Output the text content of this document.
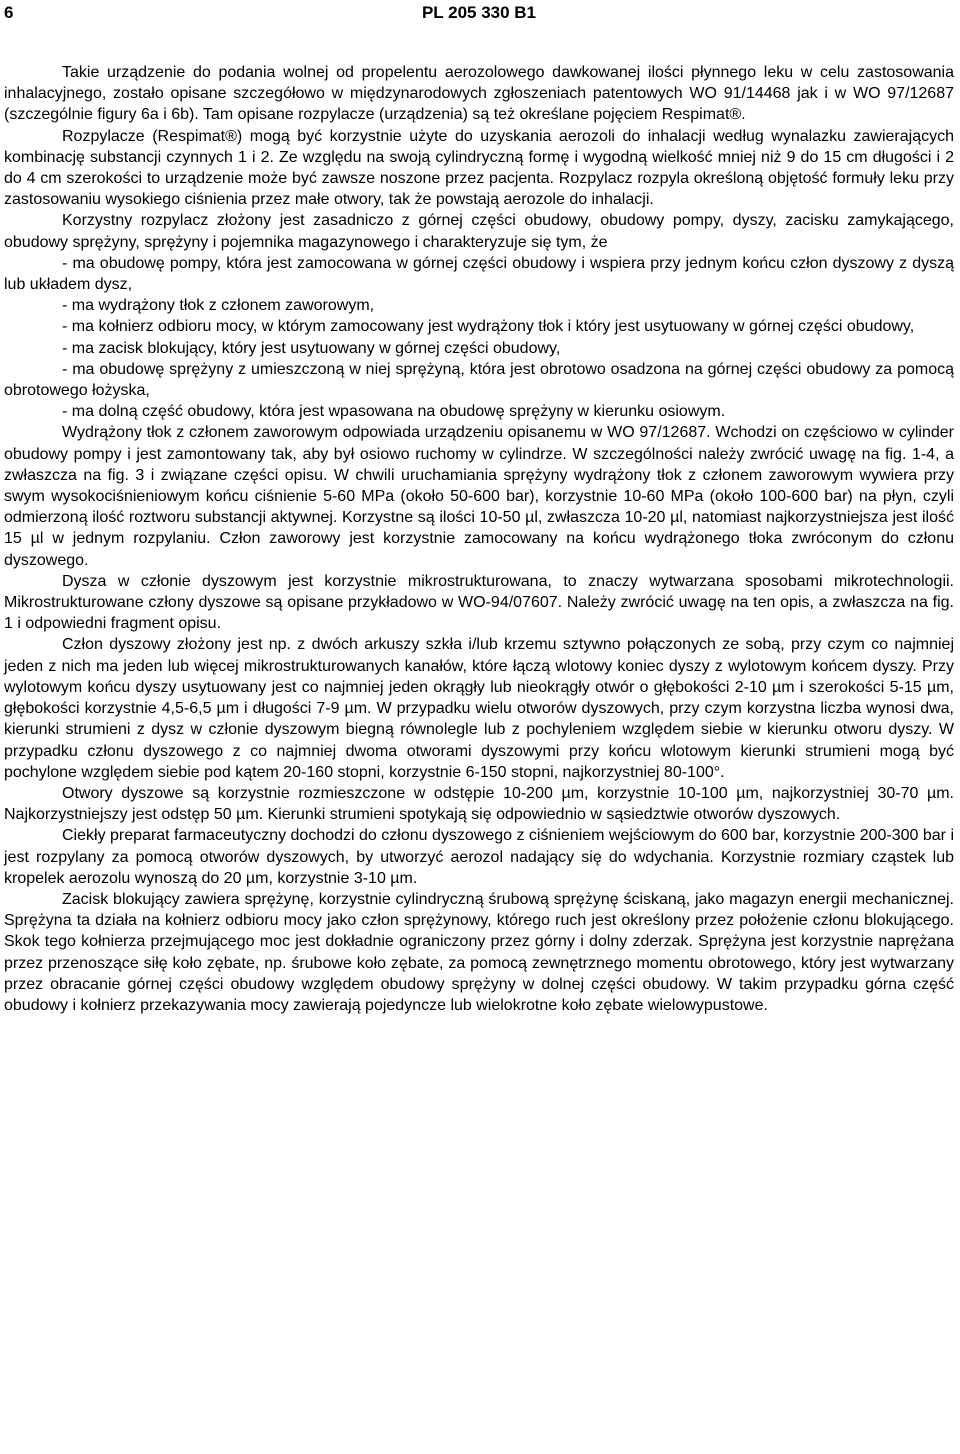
6	PL 205 330 B1

Takie urządzenie do podania wolnej od propelentu aerozolowego dawkowanej ilości płynnego leku w celu zastosowania inhalacyjnego, zostało opisane szczegółowo w międzynarodowych zgłoszeniach patentowych WO 91/14468 jak i w WO 97/12687 (szczególnie figury 6a i 6b). Tam opisane rozpylacze (urządzenia) są też określane pojęciem Respimat®.

Rozpylacze (Respimat®) mogą być korzystnie użyte do uzyskania aerozoli do inhalacji według wynalazku zawierających kombinację substancji czynnych 1 i 2. Ze względu na swoją cylindryczną formę i wygodną wielkość mniej niż 9 do 15 cm długości i 2 do 4 cm szerokości to urządzenie może być zawsze noszone przez pacjenta. Rozpylacz rozpyla określoną objętość formuły leku przy zastosowaniu wysokiego ciśnienia przez małe otwory, tak że powstają aerozole do inhalacji.

Korzystny rozpylacz złożony jest zasadniczo z górnej części obudowy, obudowy pompy, dyszy, zacisku zamykającego, obudowy sprężyny, sprężyny i pojemnika magazynowego i charakteryzuje się tym, że

- ma obudowę pompy, która jest zamocowana w górnej części obudowy i wspiera przy jednym końcu człon dyszowy z dyszą lub układem dysz,

- ma wydrążony tłok z członem zaworowym,

- ma kołnierz odbioru mocy, w którym zamocowany jest wydrążony tłok i który jest usytuowany w górnej części obudowy,

- ma zacisk blokujący, który jest usytuowany w górnej części obudowy,

- ma obudowę sprężyny z umieszczoną w niej sprężyną, która jest obrotowo osadzona na górnej części obudowy za pomocą obrotowego łożyska,

- ma dolną część obudowy, która jest wpasowana na obudowę sprężyny w kierunku osiowym.

Wydrążony tłok z członem zaworowym odpowiada urządzeniu opisanemu w WO 97/12687. Wchodzi on częściowo w cylinder obudowy pompy i jest zamontowany tak, aby był osiowo ruchomy w cylindrze. W szczególności należy zwrócić uwagę na fig. 1-4, a zwłaszcza na fig. 3 i związane części opisu. W chwili uruchamiania sprężyny wydrążony tłok z członem zaworowym wywiera przy swym wysokociśnieniowym końcu ciśnienie 5-60 MPa (około 50-600 bar), korzystnie 10-60 MPa (około 100-600 bar) na płyn, czyli odmierzoną ilość roztworu substancji aktywnej. Korzystne są ilości 10-50 µl, zwłaszcza 10-20 µl, natomiast najkorzystniejsza jest ilość 15 µl w jednym rozpylaniu. Człon zaworowy jest korzystnie zamocowany na końcu wydrążonego tłoka zwróconym do członu dyszowego.

Dysza w członie dyszowym jest korzystnie mikrostrukturowana, to znaczy wytwarzana sposobami mikrotechnologii. Mikrostrukturowane człony dyszowe są opisane przykładowo w WO-94/07607. Należy zwrócić uwagę na ten opis, a zwłaszcza na fig. 1 i odpowiedni fragment opisu.

Człon dyszowy złożony jest np. z dwóch arkuszy szkła i/lub krzemu sztywno połączonych ze sobą, przy czym co najmniej jeden z nich ma jeden lub więcej mikrostrukturowanych kanałów, które łączą wlotowy koniec dyszy z wylotowym końcem dyszy. Przy wylotowym końcu dyszy usytuowany jest co najmniej jeden okrągły lub nieokrągły otwór o głębokości 2-10 µm i szerokości 5-15 µm, głębokości korzystnie 4,5-6,5 µm i długości 7-9 µm. W przypadku wielu otworów dyszowych, przy czym korzystna liczba wynosi dwa, kierunki strumieni z dysz w członie dyszowym biegną równolegle lub z pochyleniem względem siebie w kierunku otworu dyszy. W przypadku członu dyszowego z co najmniej dwoma otworami dyszowymi przy końcu wlotowym kierunki strumieni mogą być pochylone względem siebie pod kątem 20-160 stopni, korzystnie 6-150 stopni, najkorzystniej 80-100°.

Otwory dyszowe są korzystnie rozmieszczone w odstępie 10-200 µm, korzystnie 10-100 µm, najkorzystniej 30-70 µm. Najkorzystniejszy jest odstęp 50 µm. Kierunki strumieni spotykają się odpowiednio w sąsiedztwie otworów dyszowych.

Ciekły preparat farmaceutyczny dochodzi do członu dyszowego z ciśnieniem wejściowym do 600 bar, korzystnie 200-300 bar i jest rozpylany za pomocą otworów dyszowych, by utworzyć aerozol nadający się do wdychania. Korzystnie rozmiary cząstek lub kropelek aerozolu wynoszą do 20 µm, korzystnie 3-10 µm.

Zacisk blokujący zawiera sprężynę, korzystnie cylindryczną śrubową sprężynę ściskaną, jako magazyn energii mechanicznej. Sprężyna ta działa na kołnierz odbioru mocy jako człon sprężynowy, którego ruch jest określony przez położenie członu blokującego. Skok tego kołnierza przejmującego moc jest dokładnie ograniczony przez górny i dolny zderzak. Sprężyna jest korzystnie naprężana przez przenoszące siłę koło zębate, np. śrubowe koło zębate, za pomocą zewnętrznego momentu obrotowego, który jest wytwarzany przez obracanie górnej części obudowy względem obudowy sprężyny w dolnej części obudowy. W takim przypadku górna część obudowy i kołnierz przekazywania mocy zawierają pojedyncze lub wielokrotne koło zębate wielowypustowe.
